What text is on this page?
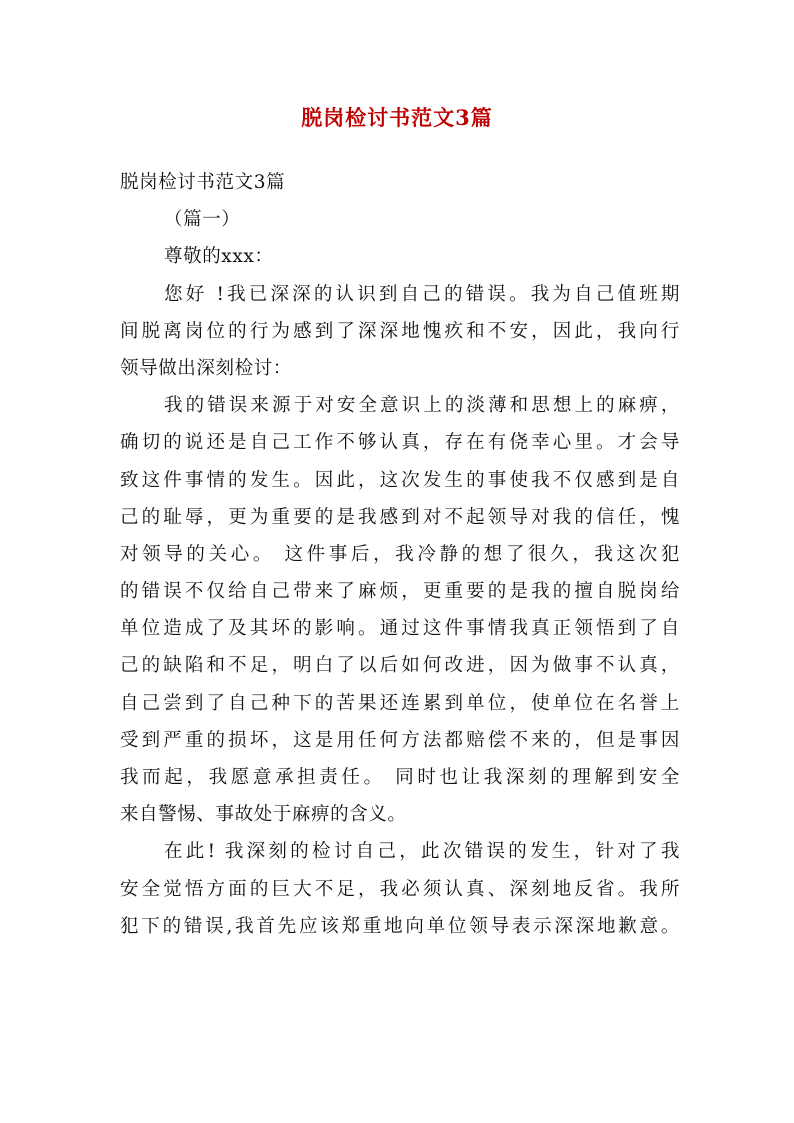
脱岗检讨书范文3篇
脱岗检讨书范文3篇
（篇一）
尊敬的xxx：
您好 !我已深深的认识到自己的错误。我为自己值班期
间脱离岗位的行为感到了深深地愧疚和不安，因此，我向行
领导做出深刻检讨：
我的错误来源于对安全意识上的淡薄和思想上的麻痹，
确切的说还是自己工作不够认真，存在有侥幸心里。才会导
致这件事情的发生。因此，这次发生的事使我不仅感到是自
己的耻辱，更为重要的是我感到对不起领导对我的信任，愧
对领导的关心。 这件事后，我冷静的想了很久，我这次犯
的错误不仅给自己带来了麻烦，更重要的是我的擅自脱岗给
单位造成了及其坏的影响。通过这件事情我真正领悟到了自
己的缺陷和不足，明白了以后如何改进，因为做事不认真，
自己尝到了自己种下的苦果还连累到单位，使单位在名誉上
受到严重的损坏，这是用任何方法都赔偿不来的，但是事因
我而起，我愿意承担责任。 同时也让我深刻的理解到安全
来自警惕、事故处于麻痹的含义。
在此! 我深刻的检讨自己，此次错误的发生，针对了我
安全觉悟方面的巨大不足，我必须认真、深刻地反省。我所
犯下的错误,我首先应该郑重地向单位领导表示深深地歉意。
